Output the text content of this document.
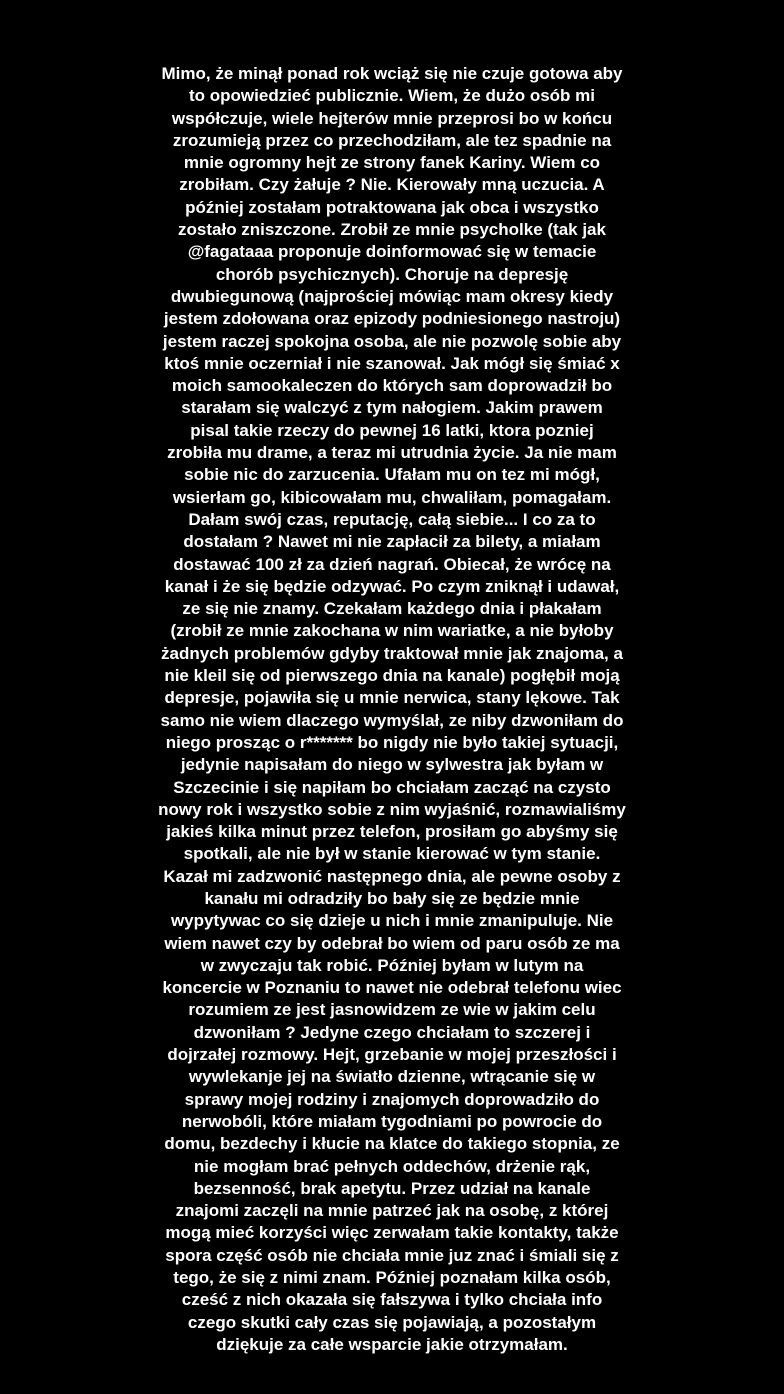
Mimo, że minął ponad rok wciąż się nie czuje gotowa aby
to opowiedzieć publicznie. Wiem, że dużo osób mi
współczuje, wiele hejterów mnie przeprosi bo w końcu
zrozumieją przez co przechodziłam, ale tez spadnie na
mnie ogromny hejt ze strony fanek Kariny. Wiem co
zrobiłam. Czy żałuje ? Nie. Kierowały mną uczucia. A
później zostałam potraktowana jak obca i wszystko
zostało zniszczone. Zrobił ze mnie psycholke (tak jak
@fagataaa proponuje doinformować się w temacie
chorób psychicznych). Choruje na depresję
dwubiegunową (najprościej mówiąc mam okresy kiedy
jestem zdołowana oraz epizody podniesionego nastroju)
jestem raczej spokojna osoba, ale nie pozwolę sobie aby
ktoś mnie oczerniał i nie szanował. Jak mógł się śmiać x
moich samookaleczen do których sam doprowadził bo
starałam się walczyć z tym nałogiem. Jakim prawem
pisal takie rzeczy do pewnej 16 latki, ktora pozniej
zrobiła mu drame, a teraz mi utrudnia życie. Ja nie mam
sobie nic do zarzucenia. Ufałam mu on tez mi mógł,
wsierłam go, kibicowałam mu, chwaliłam, pomagałam.
Dałam swój czas, reputację, całą siebie... I co za to
dostałam ? Nawet mi nie zapłacił za bilety, a miałam
dostawać 100 zł za dzień nagrań. Obiecał, że wrócę na
kanał i że się będzie odzywać. Po czym zniknął i udawał,
ze się nie znamy. Czekałam każdego dnia i płakałam
(zrobił ze mnie zakochana w nim wariatke, a nie byłoby
żadnych problemów gdyby traktował mnie jak znajoma, a
nie kleil się od pierwszego dnia na kanale) pogłębił moją
depresje, pojawiła się u mnie nerwica, stany lękowe. Tak
samo nie wiem dlaczego wymyślał, ze niby dzwoniłam do
niego prosząc o r******* bo nigdy nie było takiej sytuacji,
jedynie napisałam do niego w sylwestra jak byłam w
Szczecinie i się napiłam bo chciałam zacząć na czysto
nowy rok i wszystko sobie z nim wyjaśnić, rozmawialiśmy
jakieś kilka minut przez telefon, prosiłam go abyśmy się
spotkali, ale nie był w stanie kierować w tym stanie.
Kazał mi zadzwonić następnego dnia, ale pewne osoby z
kanału mi odradziły bo bały się ze będzie mnie
wypytywac co się dzieje u nich i mnie zmanipuluje. Nie
wiem nawet czy by odebrał bo wiem od paru osób ze ma
w zwyczaju tak robić. Później byłam w lutym na
koncercie w Poznaniu to nawet nie odebrał telefonu wiec
rozumiem ze jest jasnowidzem ze wie w jakim celu
dzwoniłam ? Jedyne czego chciałam to szczerej i
dojrzałej rozmowy. Hejt, grzebanie w mojej przeszłości i
wywlekanje jej na światło dzienne, wtrącanie się w
sprawy mojej rodziny i znajomych doprowadziło do
nerwobóli, które miałam tygodniami po powrocie do
domu, bezdechy i kłucie na klatce do takiego stopnia, ze
nie mogłam brać pełnych oddechów, drżenie rąk,
bezsenność, brak apetytu. Przez udział na kanale
znajomi zaczęli na mnie patrzeć jak na osobę, z której
mogą mieć korzyści więc zerwałam takie kontakty, także
spora część osób nie chciała mnie juz znać i śmiali się z
tego, że się z nimi znam. Później poznałam kilka osób,
cześć z nich okazała się fałszywa i tylko chciała info
czego skutki cały czas się pojawiają, a pozostałym
dziękuje za całe wsparcie jakie otrzymałam.
